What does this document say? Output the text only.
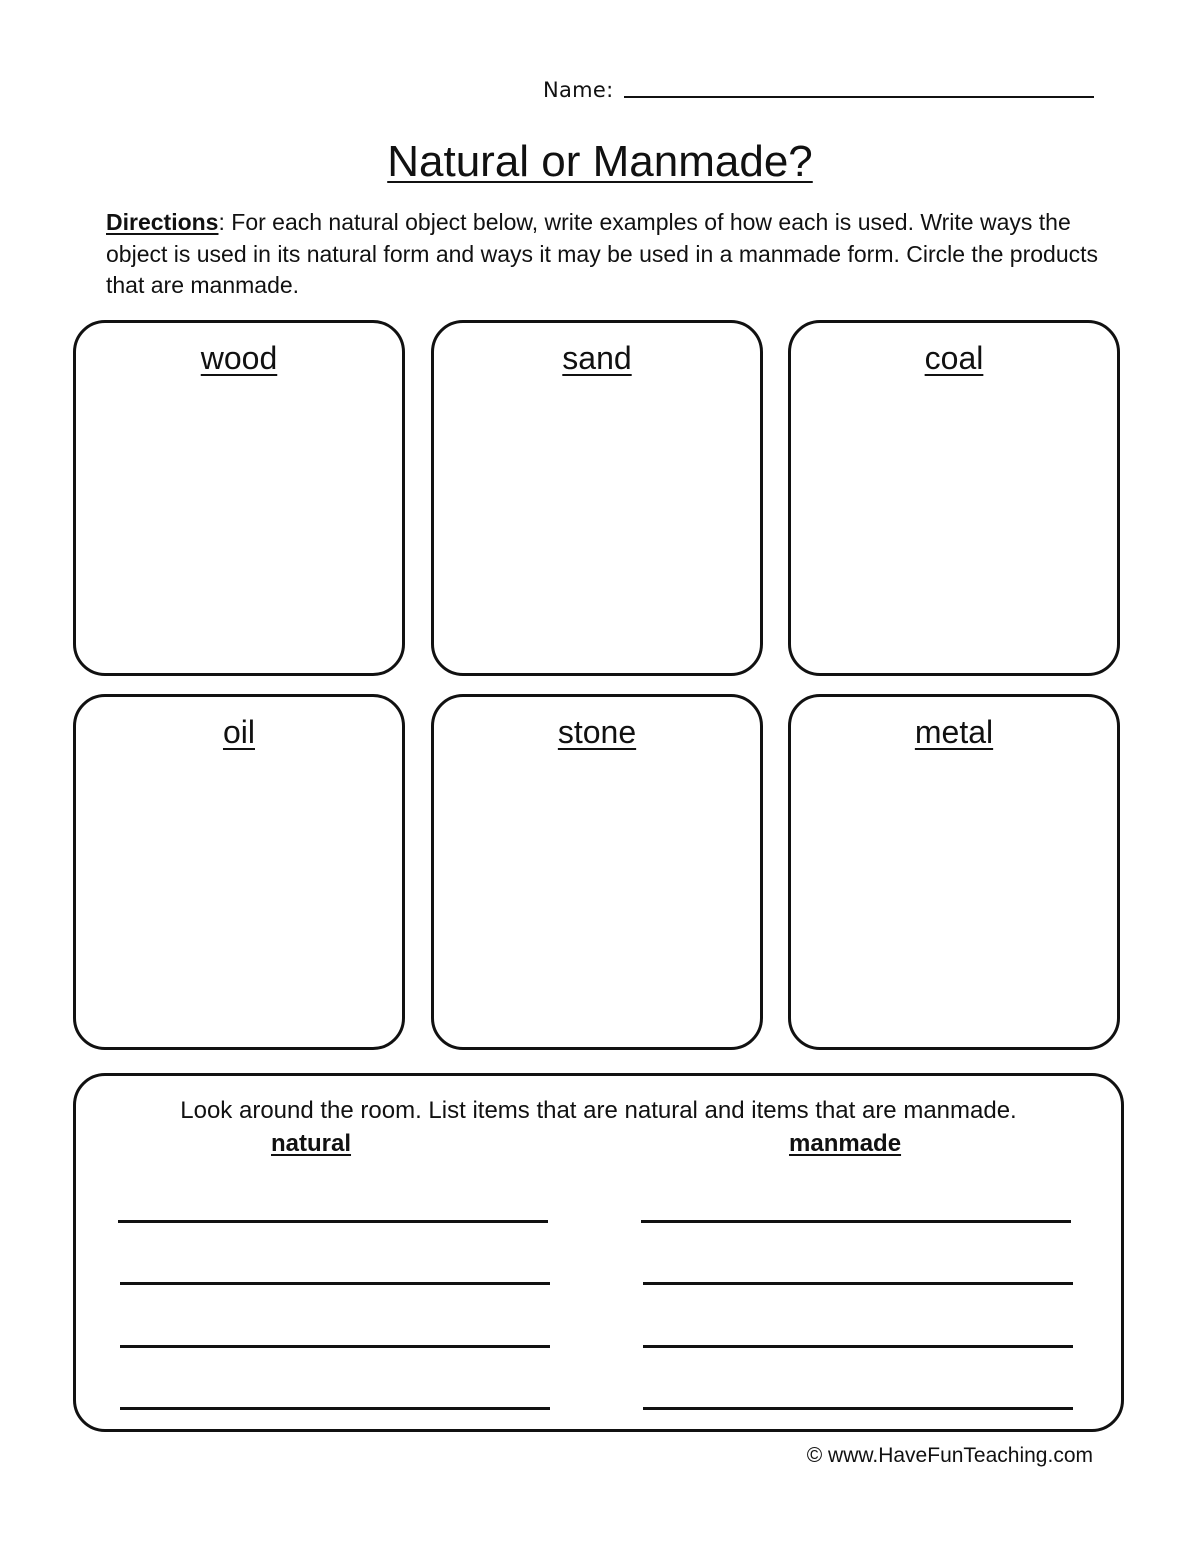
Name:
Natural or Manmade?
Directions: For each natural object below, write examples of how each is used. Write ways the object is used in its natural form and ways it may be used in a manmade form. Circle the products that are manmade.
wood	sand	coal
oil	stone	metal
Look around the room. List items that are natural and items that are manmade.
natural	manmade
© www.HaveFunTeaching.com
